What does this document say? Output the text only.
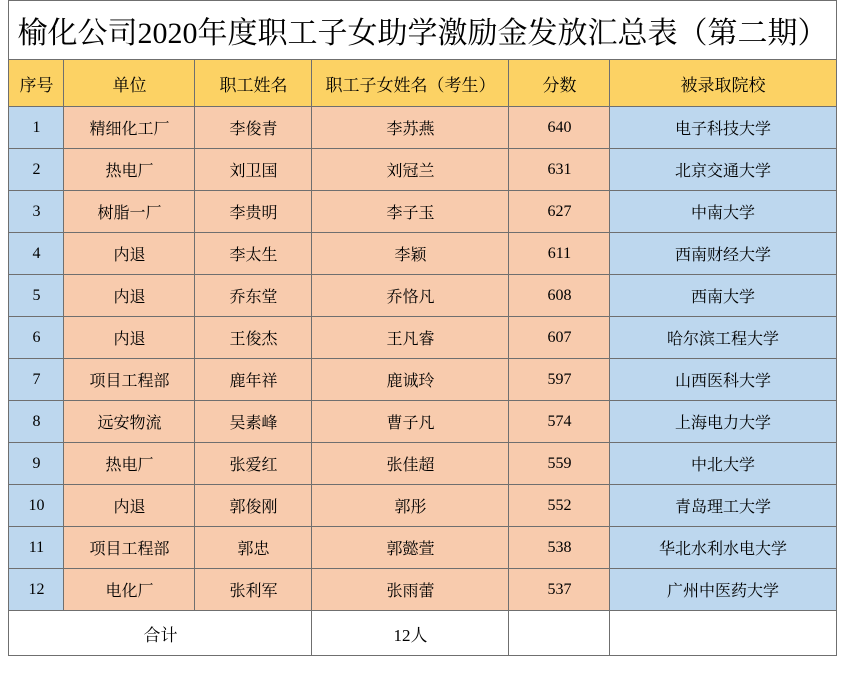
榆化公司2020年度职工子女助学激励金发放汇总表（第二期）					
序号	单位	职工姓名	职工子女姓名（考生）	分数	被录取院校
1	精细化工厂	李俊青	李苏燕	640	电子科技大学
2	热电厂	刘卫国	刘冠兰	631	北京交通大学
3	树脂一厂	李贵明	李子玉	627	中南大学
4	内退	李太生	李颖	611	西南财经大学
5	内退	乔东堂	乔恪凡	608	西南大学
6	内退	王俊杰	王凡睿	607	哈尔滨工程大学
7	项目工程部	鹿年祥	鹿诚玲	597	山西医科大学
8	远安物流	吴素峰	曹子凡	574	上海电力大学
9	热电厂	张爱红	张佳超	559	中北大学
10	内退	郭俊刚	郭彤	552	青岛理工大学
11	项目工程部	郭忠	郭懿萱	538	华北水利水电大学
12	电化厂	张利军	张雨蕾	537	广州中医药大学
合计			12人		
